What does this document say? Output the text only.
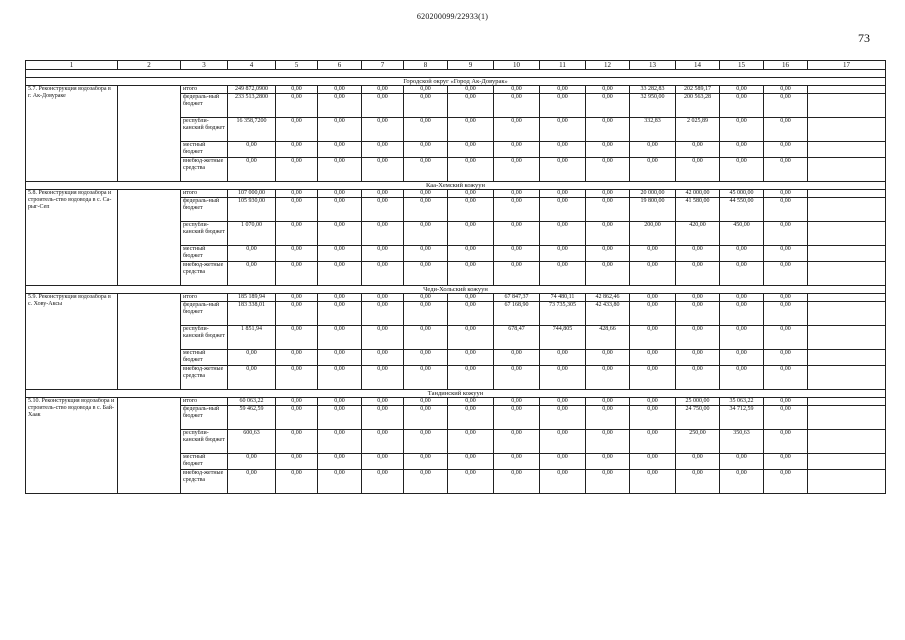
620200099/22933(1)
73
1	2	3	4	5	6	7	8	9	10	11	12	13	14	15	16	17

Городской округ «Город Ак-Довурак»																
5.7. Реконструкция водозабора в г. Ак-Довураке		итого	249 872,0900	0,00	0,00	0,00	0,00	0,00	0,00	0,00	0,00	33 282,83	202 589,17	0,00	0,00	
		федераль-ный бюджет	233 513,2800	0,00	0,00	0,00	0,00	0,00	0,00	0,00	0,00	32 950,00	200 563,28	0,00	0,00	
		республи-канский бюджет	16 358,7200	0,00	0,00	0,00	0,00	0,00	0,00	0,00	0,00	332,83	2 025,89	0,00	0,00	
		местный бюджет	0,00	0,00	0,00	0,00	0,00	0,00	0,00	0,00	0,00	0,00	0,00	0,00	0,00	
		внебюд-жетные средства	0,00	0,00	0,00	0,00	0,00	0,00	0,00	0,00	0,00	0,00	0,00	0,00	0,00	
Каа-Хемский кожуун																
5.8. Реконструкция водозабора и строитель-ство водовода в с. Са-рыг-Сеп		итого	107 000,00	0,00	0,00	0,00	0,00	0,00	0,00	0,00	0,00	20 000,00	42 000,00	45 000,00	0,00	
		федераль-ный бюджет	105 930,00	0,00	0,00	0,00	0,00	0,00	0,00	0,00	0,00	19 800,00	41 580,00	44 550,00	0,00	
		республи-канский бюджет	1 070,00	0,00	0,00	0,00	0,00	0,00	0,00	0,00	0,00	200,00	420,00	450,00	0,00	
		местный бюджет	0,00	0,00	0,00	0,00	0,00	0,00	0,00	0,00	0,00	0,00	0,00	0,00	0,00	
		внебюд-жетные средства	0,00	0,00	0,00	0,00	0,00	0,00	0,00	0,00	0,00	0,00	0,00	0,00	0,00	
Чеди-Хольский кожуун																
5.9. Реконструкция водозабора в с. Хову-Аксы		итого	185 189,94	0,00	0,00	0,00	0,00	0,00	67 847,37	74 480,11	42 862,46	0,00	0,00	0,00	0,00	
		федераль-ный бюджет	183 338,01	0,00	0,00	0,00	0,00	0,00	67 168,90	73 735,305	42 433,80	0,00	0,00	0,00	0,00	
		республи-канский бюджет	1 851,94	0,00	0,00	0,00	0,00	0,00	678,47	744,805	428,66	0,00	0,00	0,00	0,00	
		местный бюджет	0,00	0,00	0,00	0,00	0,00	0,00	0,00	0,00	0,00	0,00	0,00	0,00	0,00	
		внебюд-жетные средства	0,00	0,00	0,00	0,00	0,00	0,00	0,00	0,00	0,00	0,00	0,00	0,00	0,00	
Тандинский кожуун																
5.10. Реконструкция водозабора и строитель-ство водовода в с. Бай-Хаак		итого	60 063,22	0,00	0,00	0,00	0,00	0,00	0,00	0,00	0,00	0,00	25 000,00	35 063,22	0,00	
		федераль-ный бюджет	59 462,59	0,00	0,00	0,00	0,00	0,00	0,00	0,00	0,00	0,00	24 750,00	34 712,59	0,00	
		республи-канский бюджет	600,63	0,00	0,00	0,00	0,00	0,00	0,00	0,00	0,00	0,00	250,00	350,63	0,00	
		местный бюджет	0,00	0,00	0,00	0,00	0,00	0,00	0,00	0,00	0,00	0,00	0,00	0,00	0,00	
		внебюд-жетные средства	0,00	0,00	0,00	0,00	0,00	0,00	0,00	0,00	0,00	0,00	0,00	0,00	0,00	
